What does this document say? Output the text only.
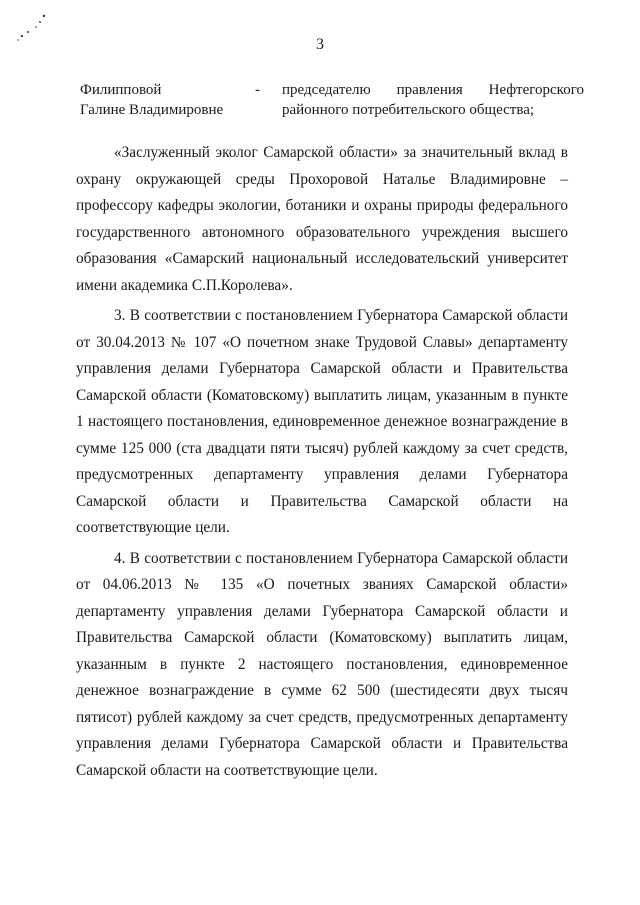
3
Филипповой
Галине Владимировне
- председателю правления Нефтегорского
районного потребительского общества;

«Заслуженный эколог Самарской области» за значительный вклад в охрану окружающей среды Прохоровой Наталье Владимировне – профессору кафедры экологии, ботаники и охраны природы федерального государственного автономного образовательного учреждения высшего образования «Самарский национальный исследовательский университет имени академика С.П.Королева».

3. В соответствии с постановлением Губернатора Самарской области от 30.04.2013 № 107 «О почетном знаке Трудовой Славы» департаменту управления делами Губернатора Самарской области и Правительства Самарской области (Коматовскому) выплатить лицам, указанным в пункте 1 настоящего постановления, единовременное денежное вознаграждение в сумме 125 000 (ста двадцати пяти тысяч) рублей каждому за счет средств, предусмотренных департаменту управления делами Губернатора Самарской области и Правительства Самарской области на соответствующие цели.

4. В соответствии с постановлением Губернатора Самарской области от 04.06.2013 № 135 «О почетных званиях Самарской области» департаменту управления делами Губернатора Самарской области и Правительства Самарской области (Коматовскому) выплатить лицам, указанным в пункте 2 настоящего постановления, единовременное денежное вознаграждение в сумме 62 500 (шестидесяти двух тысяч пятисот) рублей каждому за счет средств, предусмотренных департаменту управления делами Губернатора Самарской области и Правительства Самарской области на соответствующие цели.
